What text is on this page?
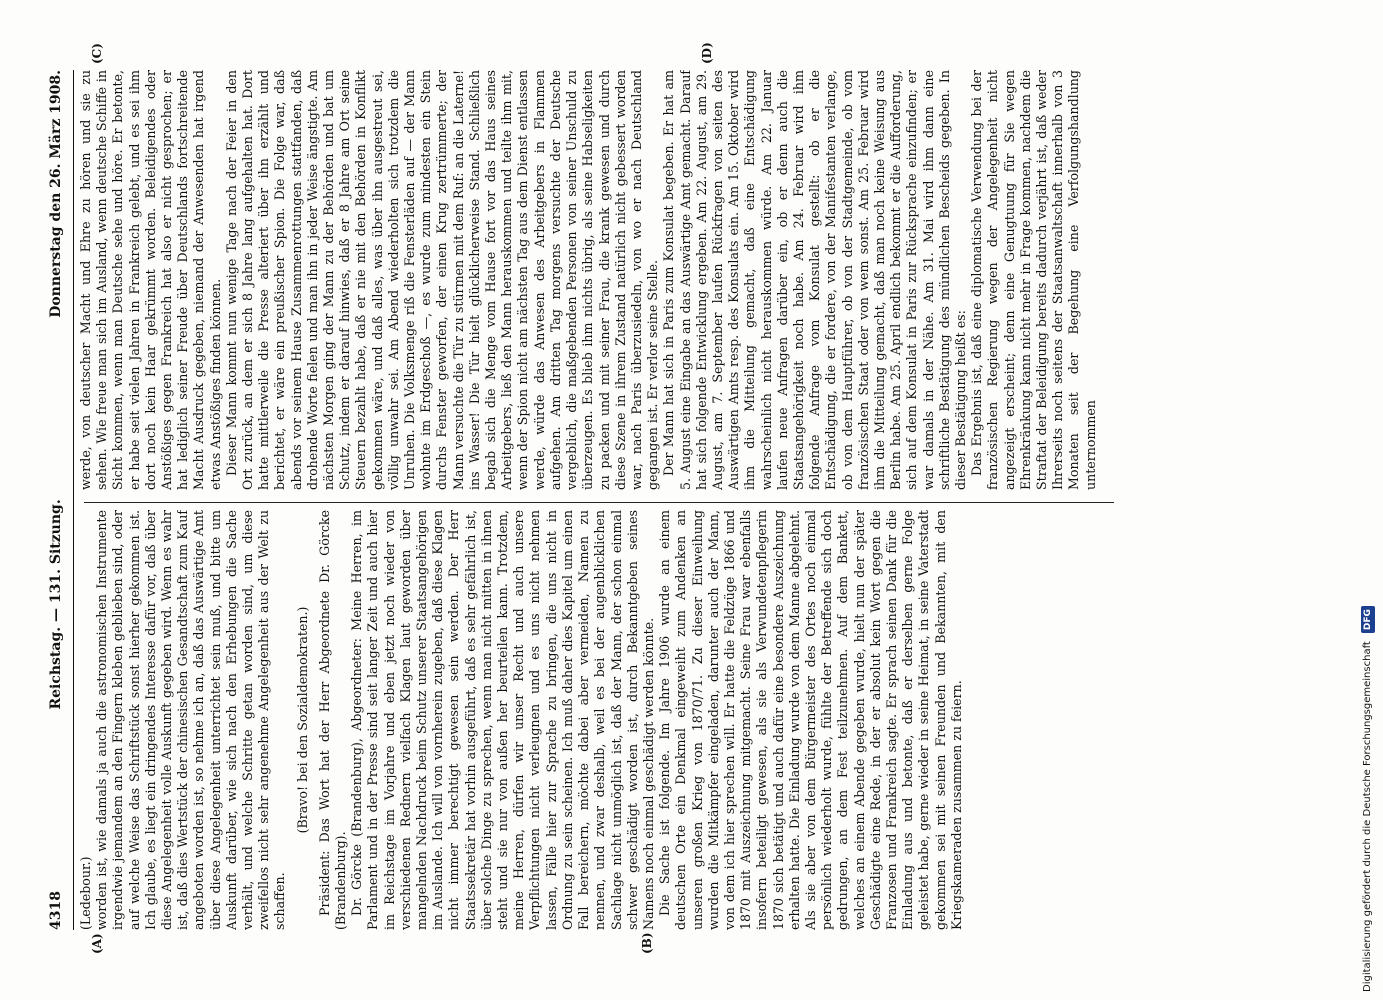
4318
Reichstag. — 131. Sitzung.
Donnerstag den 26. März 1908.

(Ledebour.) worden ist, wie damals ja auch die astronomischen Instrumente irgendwie jemandem an den Fingern kleben geblieben sind, oder auf welche Weise das Schriftstück sonst hierher gekommen ist. Ich glaube, es liegt ein dringendes Interesse dafür vor, daß über diese Angelegenheit volle Auskunft gegeben wird. Wenn es wahr ist, daß dies Wertstück der chinesischen Gesandtschaft zum Kauf angeboten worden ist, so nehme ich an, daß das Auswärtige Amt über diese Angelegenheit unterrichtet sein muß, und bitte um Auskunft darüber, wie sich nach den Erhebungen die Sache verhält, und welche Schritte getan worden sind, um diese zweifellos nicht sehr angenehme Angelegenheit aus der Welt zu schaffen.

(Bravo! bei den Sozialdemokraten.) Präsident: Das Wort hat der Herr Abgeordnete Dr. Görcke (Brandenburg). Dr. Görcke (Brandenburg), Abgeordneter: Meine Herren, im Parlament und in der Presse sind seit langer Zeit und auch hier im Reichstage im Vorjahre und eben jetzt noch wieder von verschiedenen Rednern vielfach Klagen laut geworden über mangelnden Nachdruck beim Schutz unserer Staatsangehörigen im Auslande. Ich will von vornherein zugeben, daß diese Klagen nicht immer berechtigt gewesen sein werden. Der Herr Staatssekretär hat vorhin ausgeführt, daß es sehr gefährlich ist, über solche Dinge zu sprechen, wenn man nicht mitten in ihnen steht und sie nur von außen her beurteilen kann. Trotzdem, meine Herren, dürfen wir unser Recht und auch unsere Verpflichtungen nicht verleugnen und es uns nicht nehmen lassen, Fälle hier zur Sprache zu bringen, die uns nicht in Ordnung zu sein scheinen. Ich muß daher dies Kapitel um einen Fall bereichern, möchte dabei aber vermeiden, Namen zu nennen, und zwar deshalb, weil es bei der augenblicklichen Sachlage nicht unmöglich ist, daß der Mann, der schon einmal schwer geschädigt worden ist, durch Bekanntgeben seines Namens noch einmal geschädigt werden könnte. Die Sache ist folgende. Im Jahre 1906 wurde an einem deutschen Orte ein Denkmal eingeweiht zum Andenken an unseren großen Krieg von 1870/71. Zu dieser Einweihung wurden die Mitkämpfer eingeladen, darunter auch der Mann, von dem ich hier sprechen will. Er hatte die Feldzüge 1866 und 1870 mit Auszeichnung mitgemacht. Seine Frau war ebenfalls insofern beteiligt gewesen, als sie als Verwundetenpflegerin 1870 sich betätigt und auch dafür eine besondere Auszeichnung erhalten hatte. Die Einladung wurde von dem Manne abgelehnt. Als sie aber von dem Bürgermeister des Ortes noch einmal persönlich wiederholt wurde, fühlte der Betreffende sich doch gedrungen, an dem Fest teilzunehmen. Auf dem Bankett, welches an einem Abende gegeben wurde, hielt nun der später Geschädigte eine Rede, in der er absolut kein Wort gegen die Franzosen und Frankreich sagte. Er sprach seinen Dank für die Einladung aus und betonte, daß er derselben gerne Folge geleistet habe, gerne wieder in seine Heimat, in seine Vaterstadt gekommen sei mit seinen Freunden und Bekannten, mit den Kriegskameraden zusammen zu feiern.

werde, von deutscher Macht und Ehre zu hören und sie zu sehen. Wie freue man sich im Ausland, wenn deutsche Schiffe in Sicht kommen, wenn man Deutsche sehe und höre. Er betonte, er habe seit vielen Jahren in Frankreich gelebt, und es sei ihm dort noch kein Haar gekrümmt worden. Beleidigendes oder Anstößiges gegen Frankreich hat also er nicht gesprochen; er hat lediglich seiner Freude über Deutschlands fortschreitende Macht Ausdruck gegeben, niemand der Anwesenden hat irgend etwas Anstößiges finden können. Dieser Mann kommt nun wenige Tage nach der Feier in den Ort zurück, an dem er sich 8 Jahre lang aufgehalten hat. Dort hatte mittlerweile die Presse alteriert über ihn erzählt und berichtet, er wäre ein preußischer Spion. Die Folge war, daß abends vor seinem Hause Zusammenrottungen stattfanden, daß drohende Worte fielen und man ihn in jeder Weise ängstigte. Am nächsten Morgen ging der Mann zu der Behörden und bat um Schutz, indem er darauf hinwies, daß er 8 Jahre am Ort seine Steuern bezahlt habe, daß er nie mit den Behörden in Konflikt gekommen wäre, und daß alles, was über ihn ausgestreut sei, völlig unwahr sei. Am Abend wiederholten sich trotzdem die Unruhen. Die Volksmenge riß die Fensterläden auf — der Mann wohnte im Erdgeschoß —, es wurde zum mindesten ein Stein durchs Fenster geworfen, der einen Krug zertrümmerte; der Mann versuchte die Tür zu stürmen mit dem Ruf: an die Laterne! ins Wasser! Die Tür hielt glücklicherweise Stand. Schließlich begab sich die Menge vom Hause fort vor das Haus seines Arbeitgebers, ließ den Mann herauskommen und teilte ihm mit, wenn der Spion nicht am nächsten Tag aus dem Dienst entlassen werde, würde das Anwesen des Arbeitgebers in Flammen aufgehen. Am dritten Tag morgens versuchte der Deutsche vergeblich, die maßgebenden Personen von seiner Unschuld zu überzeugen. Es blieb ihm nichts übrig, als seine Habseligkeiten zu packen und mit seiner Frau, die krank gewesen und durch diese Szene in ihrem Zustand natürlich nicht gebessert worden war, nach Paris überzusiedeln, von wo er nach Deutschland gegangen ist. Er verlor seine Stelle. Der Mann hat sich in Paris zum Konsulat begeben. Er hat am 5. August eine Eingabe an das Auswärtige Amt gemacht. Darauf hat sich folgende Entwicklung ergeben. Am 22. August, am 29. August, am 7. September laufen Rückfragen von seiten des Auswärtigen Amts resp. des Konsulats ein. Am 15. Oktober wird ihm die Mitteilung gemacht, daß eine Entschädigung wahrscheinlich nicht herauskommen würde. Am 22. Januar laufen neue Anfragen darüber ein, ob er denn auch die Staatsangehörigkeit noch habe. Am 24. Februar wird ihm folgende Anfrage vom Konsulat gestellt: ob er die Entschädigung, die er fordere, von der Manifestanten verlange, ob von dem Hauptführer, ob von der Stadtgemeinde, ob vom französischen Staat oder von wem sonst. Am 25. Februar wird ihm die Mitteilung gemacht, daß man noch keine Weisung aus Berlin habe. Am 25. April endlich bekommt er die Aufforderung, sich auf dem Konsulat in Paris zur Rücksprache einzufinden; er war damals in der Nähe. Am 31. Mai wird ihm dann eine schriftliche Bestätigung des mündlichen Bescheids gegeben. In dieser Bestätigung heißt es: Das Ergebnis ist, daß eine diplomatische Verwendung bei der französischen Regierung wegen der Angelegenheit nicht angezeigt erscheint; denn eine Genugtuung für Sie wegen Ehrenkränkung kann nicht mehr in Frage kommen, nachdem die Straftat der Beleidigung bereits dadurch verjährt ist, daß weder Ihrerseits noch seitens der Staatsanwaltschaft innerhalb von 3 Monaten seit der Begehung eine Verfolgungshandlung unternommen

(A)	(B)
(C)	(D)
Digitalisierung gefördert durch die Deutsche Forschungsgemeinschaft
DFG
